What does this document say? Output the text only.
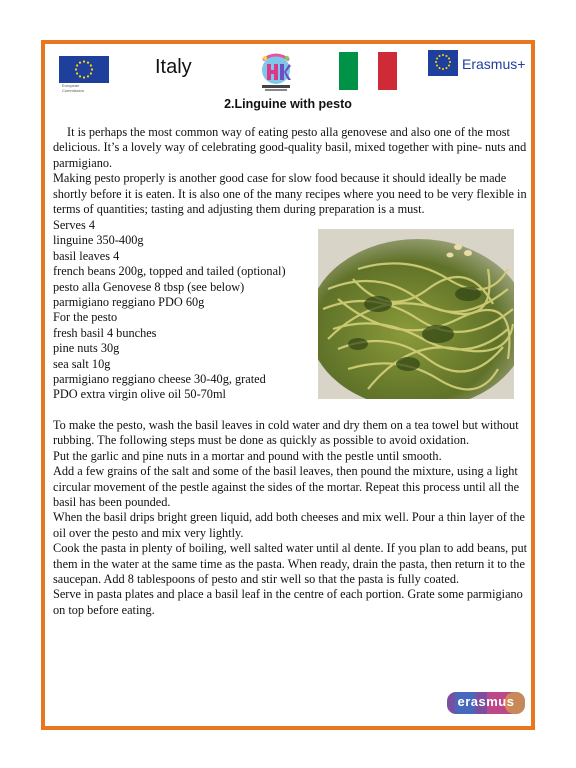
European
Commission
Italy	Erasmus+
2.Linguine with pesto

It is perhaps the most common way of eating pesto alla genovese and also one of the most delicious. It’s a lovely way of celebrating good-quality basil, mixed together with pine- nuts and parmigiano.

Making pesto properly is another good case for slow food because it should ideally be made shortly before it is eaten. It is also one of the many recipes where you need to be very flexible in terms of quantities; tasting and adjusting them during preparation is a must.

Serves 4

linguine 350-400g

basil leaves 4

french beans 200g, topped and tailed (optional)

pesto alla Genovese 8 tbsp (see below)

parmigiano reggiano PDO 60g

For the pesto

fresh basil 4 bunches

pine nuts 30g

sea salt 10g

parmigiano reggiano cheese 30-40g, grated

PDO extra virgin olive oil 50-70ml

To make the pesto, wash the basil leaves in cold water and dry them on a tea towel but without rubbing. The following steps must be done as quickly as possible to avoid oxidation.

Put the garlic and pine nuts in a mortar and pound with the pestle until smooth.

Add a few grains of the salt and some of the basil leaves, then pound the mixture, using a light circular movement of the pestle against the sides of the mortar. Repeat this process until all the basil has been pounded.

When the basil drips bright green liquid, add both cheeses and mix well. Pour a thin layer of the oil over the pesto and mix very lightly.

Cook the pasta in plenty of boiling, well salted water until al dente. If you plan to add beans, put them in the water at the same time as the pasta. When ready, drain the pasta, then return it to the saucepan. Add 8 tablespoons of pesto and stir well so that the pasta is fully coated.

Serve in pasta plates and place a basil leaf in the centre of each portion. Grate some parmigiano on top before eating.

erasmus
